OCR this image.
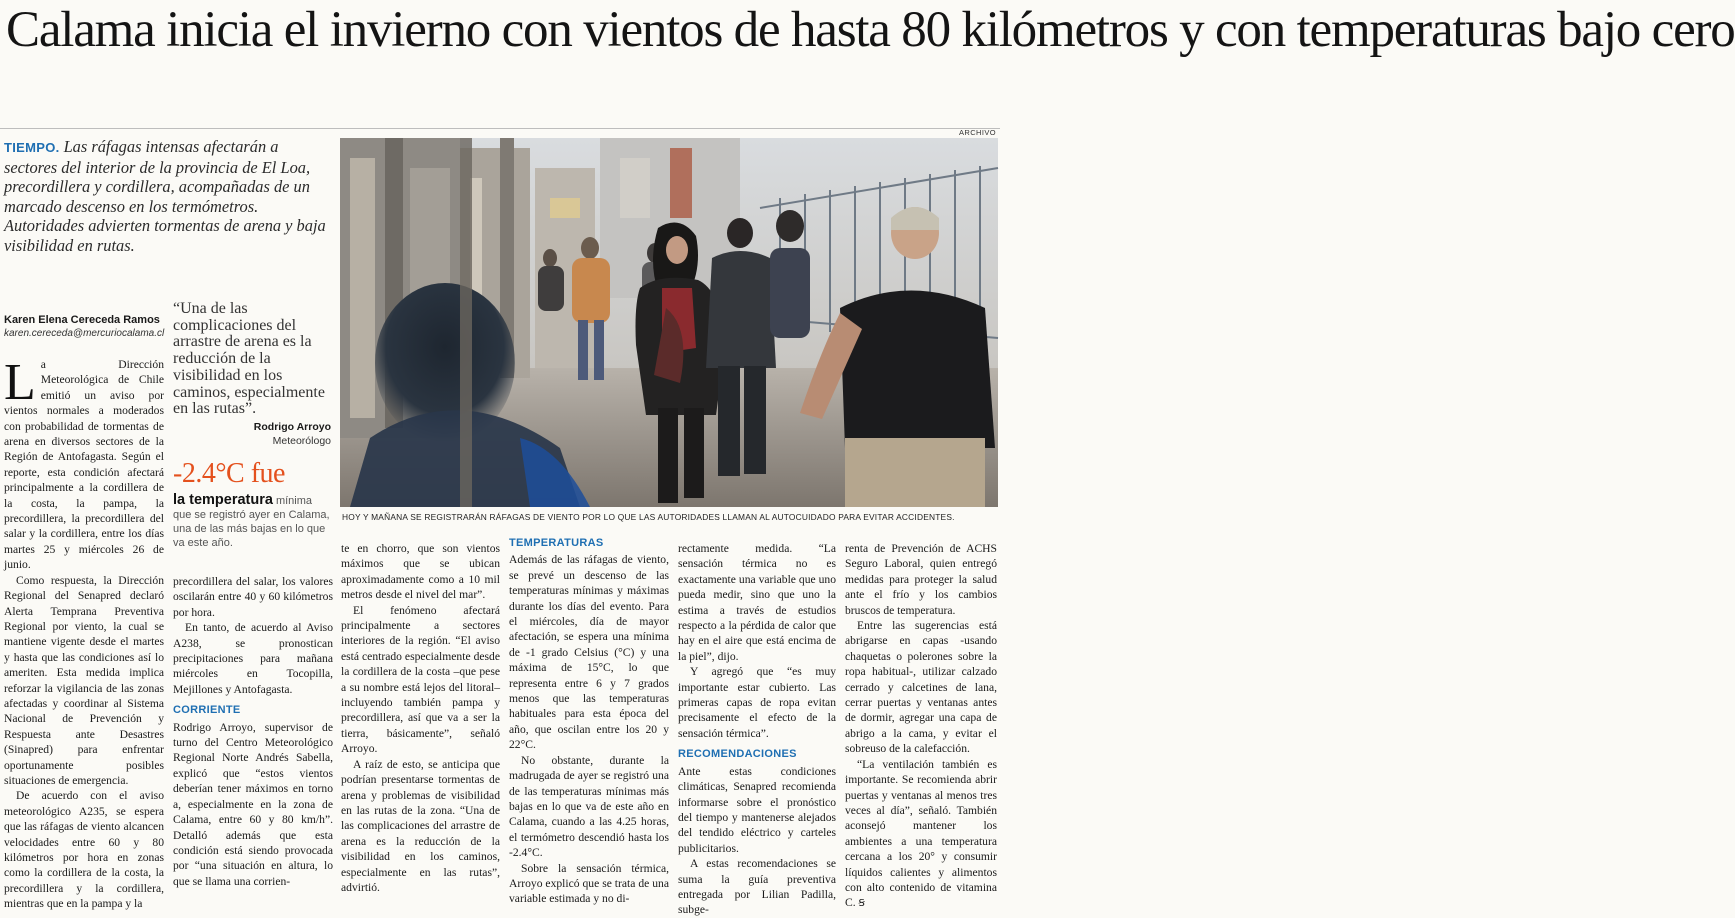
Calama inicia el invierno con vientos de hasta 80 kilómetros y con temperaturas bajo cero

TIEMPO. Las ráfagas intensas afectarán a sectores del interior de la provincia de El Loa, precordillera y cordillera, acompañadas de un marcado descenso en los termómetros. Autoridades advierten tormentas de arena y baja visibilidad en rutas.

Karen Elena Cereceda Ramos
karen.cereceda@mercuriocalama.cl

“Una de las complicaciones del arrastre de arena es la reducción de la visibilidad en los caminos, especialmente en las rutas”.

Rodrigo Arroyo
Meteorólogo
-2.4°C fue

la temperatura mínima que se registró ayer en Calama, una de las más bajas en lo que va este año.

ARCHIVO

HOY Y MAÑANA SE REGISTRARÁN RÁFAGAS DE VIENTO POR LO QUE LAS AUTORIDADES LLAMAN AL AUTOCUIDADO PARA EVITAR ACCIDENTES.

La Dirección Meteorológica de Chile emitió un aviso por vientos normales a moderados con probabilidad de tormentas de arena en diversos sectores de la Región de Antofagasta. Según el reporte, esta condición afectará principalmente a la cordillera de la costa, la pampa, la precordillera, la precordillera del salar y la cordillera, entre los días martes 25 y miércoles 26 de junio.

Como respuesta, la Dirección Regional del Senapred declaró Alerta Temprana Preventiva Regional por viento, la cual se mantiene vigente desde el martes y hasta que las condiciones así lo ameriten. Esta medida implica reforzar la vigilancia de las zonas afectadas y coordinar al Sistema Nacional de Prevención y Respuesta ante Desastres (Sinapred) para enfrentar oportunamente posibles situaciones de emergencia.

De acuerdo con el aviso meteorológico A235, se espera que las ráfagas de viento alcancen velocidades entre 60 y 80 kilómetros por hora en zonas como la cordillera de la costa, la precordillera y la cordillera, mientras que en la pampa y la

precordillera del salar, los valores oscilarán entre 40 y 60 kilómetros por hora.

En tanto, de acuerdo al Aviso A238, se pronostican precipitaciones para mañana miércoles en Tocopilla, Mejillones y Antofagasta.

CORRIENTE

Rodrigo Arroyo, supervisor de turno del Centro Meteorológico Regional Norte Andrés Sabella, explicó que “estos vientos deberían tener máximos en torno a, especialmente en la zona de Calama, entre 60 y 80 km/h”. Detalló además que esta condición está siendo provocada por “una situación en altura, lo que se llama una corrien-

te en chorro, que son vientos máximos que se ubican aproximadamente como a 10 mil metros desde el nivel del mar”.

El fenómeno afectará principalmente a sectores interiores de la región. “El aviso está centrado especialmente desde la cordillera de la costa –que pese a su nombre está lejos del litoral– incluyendo también pampa y precordillera, así que va a ser la tierra, básicamente”, señaló Arroyo.

A raíz de esto, se anticipa que podrían presentarse tormentas de arena y problemas de visibilidad en las rutas de la zona. “Una de las complicaciones del arrastre de arena es la reducción de la visibilidad en los caminos, especialmente en las rutas”, advirtió.

TEMPERATURAS

Además de las ráfagas de viento, se prevé un descenso de las temperaturas mínimas y máximas durante los días del evento. Para el miércoles, día de mayor afectación, se espera una mínima de -1 grado Celsius (°C) y una máxima de 15°C, lo que representa entre 6 y 7 grados menos que las temperaturas habituales para esta época del año, que oscilan entre los 20 y 22°C.

No obstante, durante la madrugada de ayer se registró una de las temperaturas mínimas más bajas en lo que va de este año en Calama, cuando a las 4.25 horas, el termómetro descendió hasta los -2.4°C.

Sobre la sensación térmica, Arroyo explicó que se trata de una variable estimada y no di-

rectamente medida. “La sensación térmica no es exactamente una variable que uno pueda medir, sino que uno la estima a través de estudios respecto a la pérdida de calor que hay en el aire que está encima de la piel”, dijo.

Y agregó que “es muy importante estar cubierto. Las primeras capas de ropa evitan precisamente el efecto de la sensación térmica”.

RECOMENDACIONES

Ante estas condiciones climáticas, Senapred recomienda informarse sobre el pronóstico del tiempo y mantenerse alejados del tendido eléctrico y carteles publicitarios.

A estas recomendaciones se suma la guía preventiva entregada por Lilian Padilla, subge-

renta de Prevención de ACHS Seguro Laboral, quien entregó medidas para proteger la salud ante el frío y los cambios bruscos de temperatura.

Entre las sugerencias está abrigarse en capas -usando chaquetas o polerones sobre la ropa habitual-, utilizar calzado cerrado y calcetines de lana, cerrar puertas y ventanas antes de dormir, agregar una capa de abrigo a la cama, y evitar el sobreuso de la calefacción.

“La ventilación también es importante. Se recomienda abrir puertas y ventanas al menos tres veces al día”, señaló. También aconsejó mantener los ambientes a una temperatura cercana a los 20° y consumir líquidos calientes y alimentos con alto contenido de vitamina C. Ꞩ
